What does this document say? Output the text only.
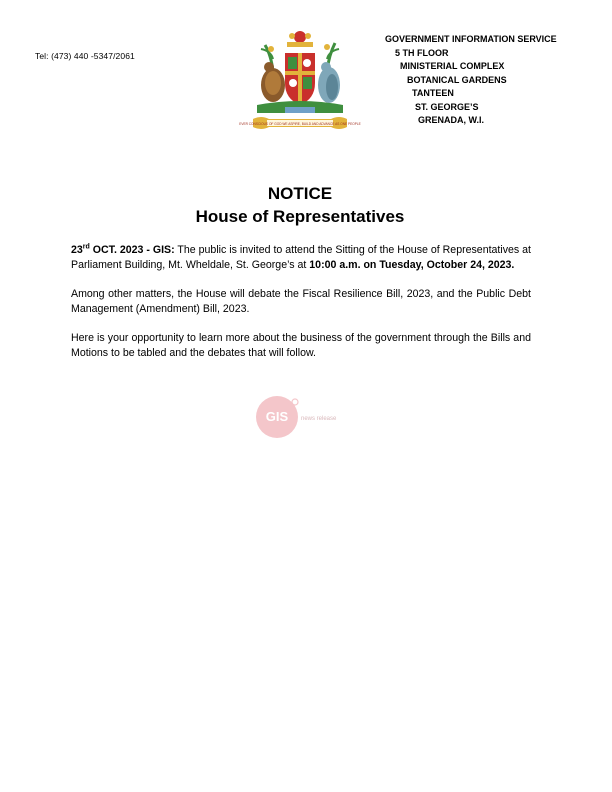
Tel: (473) 440 -5347/2061
EVER CONSCIOUS OF GOD WE ASPIRE, BUILD AND ADVANCE AS ONE PEOPLE
GOVERNMENT INFORMATION SERVICE
5 TH FLOOR
MINISTERIAL COMPLEX
BOTANICAL GARDENS
TANTEEN
ST. GEORGE’S
GRENADA, W.I.
NOTICE
House of Representatives

23rd OCT. 2023 - GIS: The public is invited to attend the Sitting of the House of Representatives at Parliament Building, Mt. Wheldale, St. George’s at 10:00 a.m. on Tuesday, October 24, 2023.

Among other matters, the House will debate the Fiscal Resilience Bill, 2023, and the Public Debt Management (Amendment) Bill, 2023.

Here is your opportunity to learn more about the business of the government through the Bills and Motions to be tabled and the debates that will follow.

GIS news release
